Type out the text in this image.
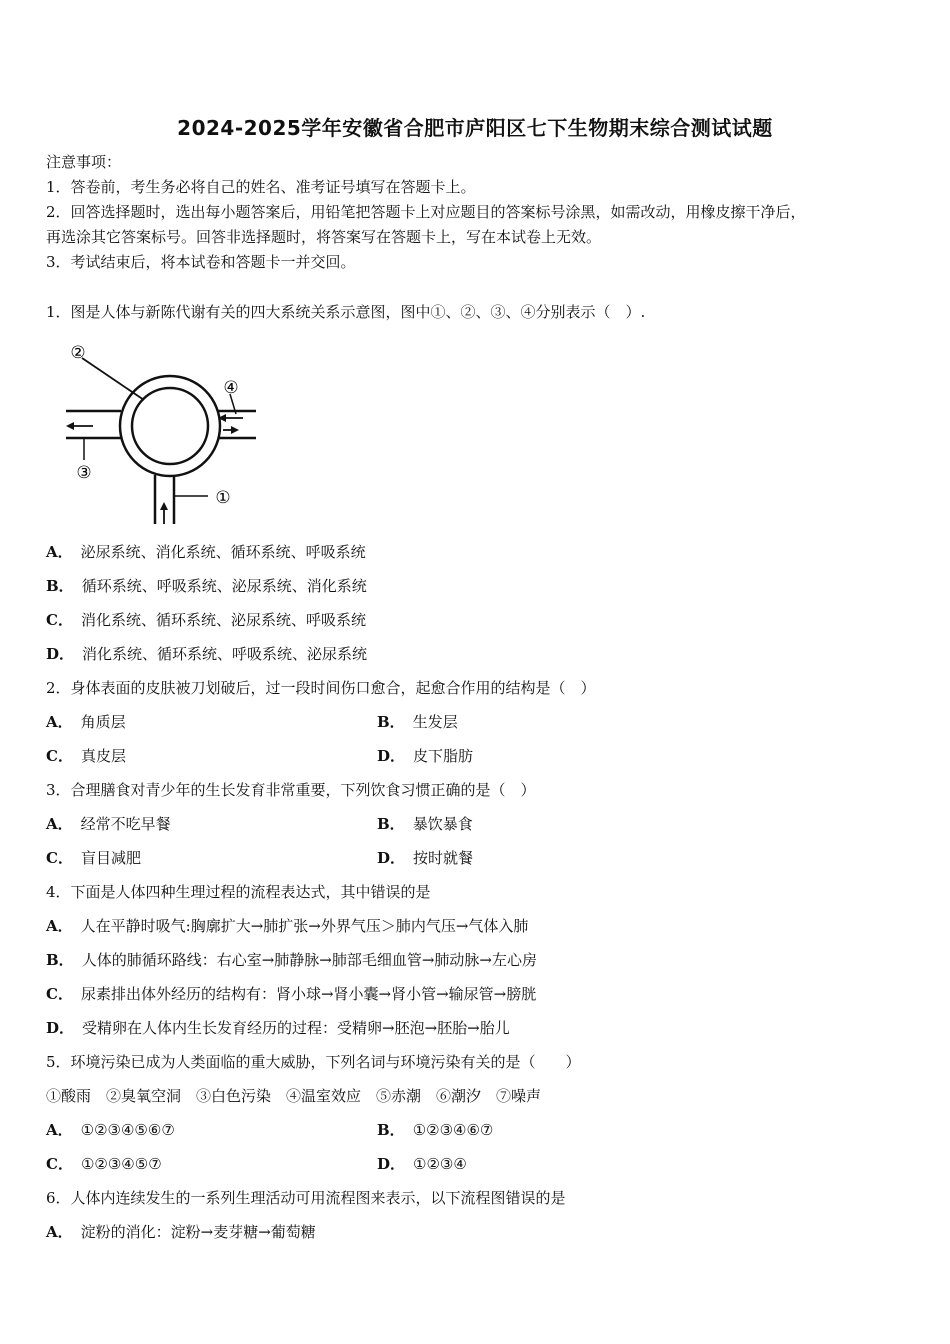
2024-2025学年安徽省合肥市庐阳区七下生物期末综合测试试题
注意事项：
1．答卷前，考生务必将自己的姓名、准考证号填写在答题卡上。
2．回答选择题时，选出每小题答案后，用铅笔把答题卡上对应题目的答案标号涂黑，如需改动，用橡皮擦干净后，
再选涂其它答案标号。回答非选择题时，将答案写在答题卡上，写在本试卷上无效。
3．考试结束后，将本试卷和答题卡一并交回。
1．图是人体与新陈代谢有关的四大系统关系示意图，图中①、②、③、④分别表示（　）.
②
④
③
①
A． 泌尿系统、消化系统、循环系统、呼吸系统
B． 循环系统、呼吸系统、泌尿系统、消化系统
C． 消化系统、循环系统、泌尿系统、呼吸系统
D． 消化系统、循环系统、呼吸系统、泌尿系统
2．身体表面的皮肤被刀划破后，过一段时间伤口愈合，起愈合作用的结构是（　）
A． 角质层	B． 生发层
C． 真皮层	D． 皮下脂肪
3．合理膳食对青少年的生长发育非常重要，下列饮食习惯正确的是（　）
A． 经常不吃早餐	B． 暴饮暴食
C． 盲目减肥	D． 按时就餐
4．下面是人体四种生理过程的流程表达式，其中错误的是
A． 人在平静时吸气:胸廓扩大→肺扩张→外界气压＞肺内气压→气体入肺
B． 人体的肺循环路线：右心室→肺静脉→肺部毛细血管→肺动脉→左心房
C． 尿素排出体外经历的结构有：肾小球→肾小囊→肾小管→输尿管→膀胱
D． 受精卵在人体内生长发育经历的过程：受精卵→胚泡→胚胎→胎儿
5．环境污染已成为人类面临的重大威胁，下列名词与环境污染有关的是（　　）
①酸雨　②臭氧空洞　③白色污染　④温室效应　⑤赤潮　⑥潮汐　⑦噪声
A． ①②③④⑤⑥⑦	B． ①②③④⑥⑦
C． ①②③④⑤⑦	D． ①②③④
6．人体内连续发生的一系列生理活动可用流程图来表示，以下流程图错误的是
A． 淀粉的消化：淀粉→麦芽糖→葡萄糖
